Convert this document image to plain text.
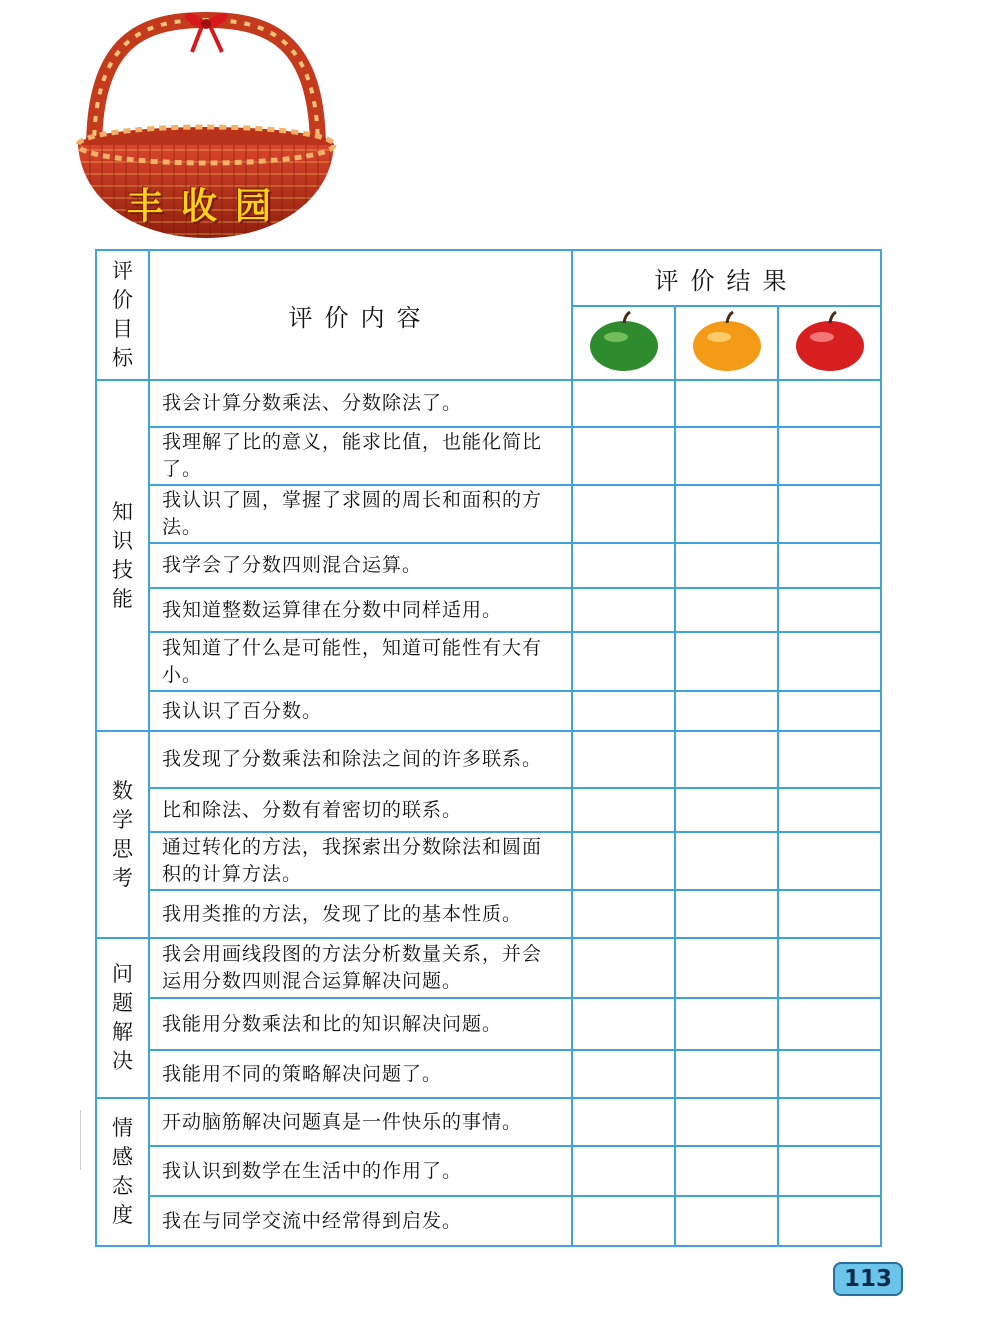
丰收园
评价目标	评价内容	评价结果		

知识技能	我会计算分数乘法、分数除法了。			
	我理解了比的意义，能求比值，也能化简比了。			
	我认识了圆，掌握了求圆的周长和面积的方法。			
	我学会了分数四则混合运算。			
	我知道整数运算律在分数中同样适用。			
	我知道了什么是可能性，知道可能性有大有小。			
	我认识了百分数。			

数学思考	我发现了分数乘法和除法之间的许多联系。			
	比和除法、分数有着密切的联系。			
	通过转化的方法，我探索出分数除法和圆面积的计算方法。			
	我用类推的方法，发现了比的基本性质。			

问题解决	我会用画线段图的方法分析数量关系，并会运用分数四则混合运算解决问题。			
	我能用分数乘法和比的知识解决问题。			
	我能用不同的策略解决问题了。			

情感态度	开动脑筋解决问题真是一件快乐的事情。			
	我认识到数学在生活中的作用了。			
	我在与同学交流中经常得到启发。			
113
